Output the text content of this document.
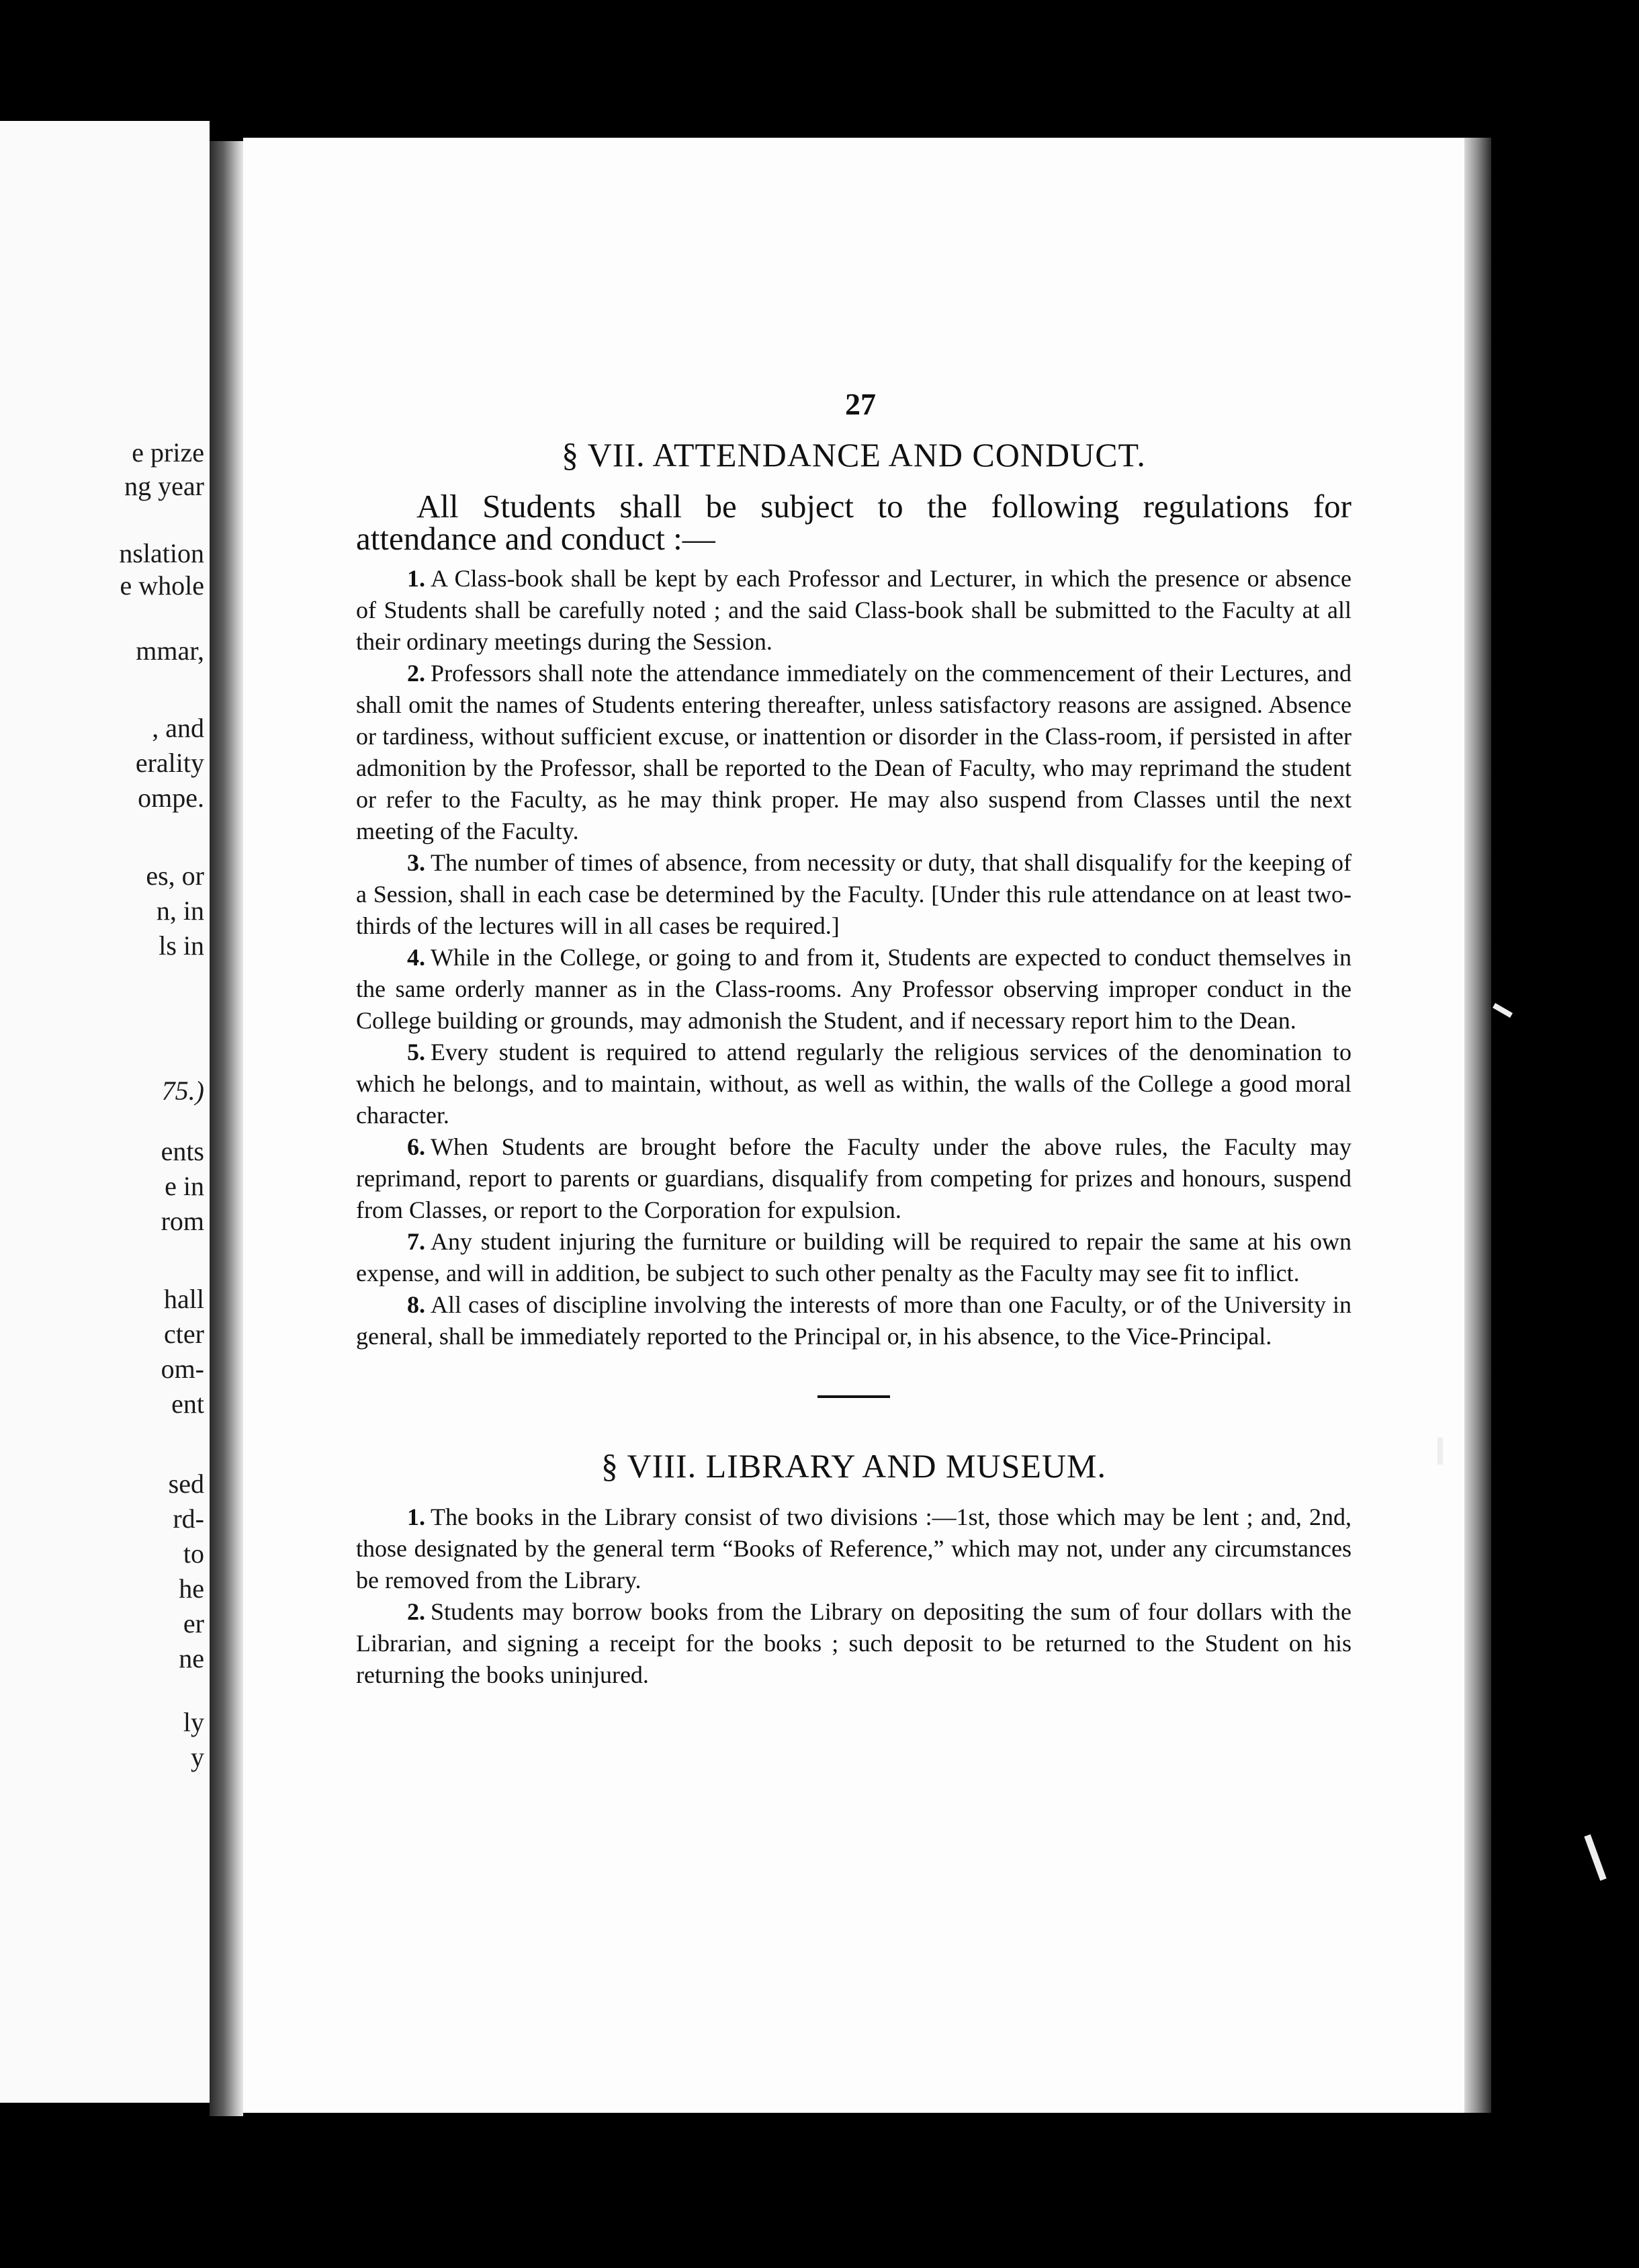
e prize
ng year
nslation
e whole
mmar,
, and
erality
ompe.
es, or
n, in
ls in
75.)
ents
e in
rom
hall
cter
om-
ent
sed
rd-
to
he
er
ne
ly
y
27
§ VII. ATTENDANCE AND CONDUCT.

All Students shall be subject to the following regulations for attendance and conduct :—

1. A Class-book shall be kept by each Professor and Lecturer, in which the presence or absence of Students shall be carefully noted ; and the said Class-book shall be submitted to the Faculty at all their ordinary meetings during the Session.

2. Professors shall note the attendance immediately on the commencement of their Lectures, and shall omit the names of Students entering thereafter, unless satisfactory reasons are assigned. Absence or tardiness, without sufficient excuse, or inattention or disorder in the Class-room, if persisted in after admonition by the Professor, shall be reported to the Dean of Faculty, who may reprimand the student or refer to the Faculty, as he may think proper. He may also suspend from Classes until the next meeting of the Faculty.

3. The number of times of absence, from necessity or duty, that shall disqualify for the keeping of a Session, shall in each case be determined by the Faculty. [Under this rule attendance on at least two-thirds of the lectures will in all cases be required.]

4. While in the College, or going to and from it, Students are expected to conduct themselves in the same orderly manner as in the Class-rooms. Any Professor observing improper conduct in the College building or grounds, may admonish the Student, and if necessary report him to the Dean.

5. Every student is required to attend regularly the religious services of the denomination to which he belongs, and to maintain, without, as well as within, the walls of the College a good moral character.

6. When Students are brought before the Faculty under the above rules, the Faculty may reprimand, report to parents or guardians, disqualify from competing for prizes and honours, suspend from Classes, or report to the Corporation for expulsion.

7. Any student injuring the furniture or building will be required to repair the same at his own expense, and will in addition, be subject to such other penalty as the Faculty may see fit to inflict.

8. All cases of discipline involving the interests of more than one Faculty, or of the University in general, shall be immediately reported to the Principal or, in his absence, to the Vice-Principal.

§ VIII. LIBRARY AND MUSEUM.

1. The books in the Library consist of two divisions :—1st, those which may be lent ; and, 2nd, those designated by the general term “Books of Reference,” which may not, under any circumstances be removed from the Library.

2. Students may borrow books from the Library on depositing the sum of four dollars with the Librarian, and signing a receipt for the books ; such deposit to be returned to the Student on his returning the books uninjured.
